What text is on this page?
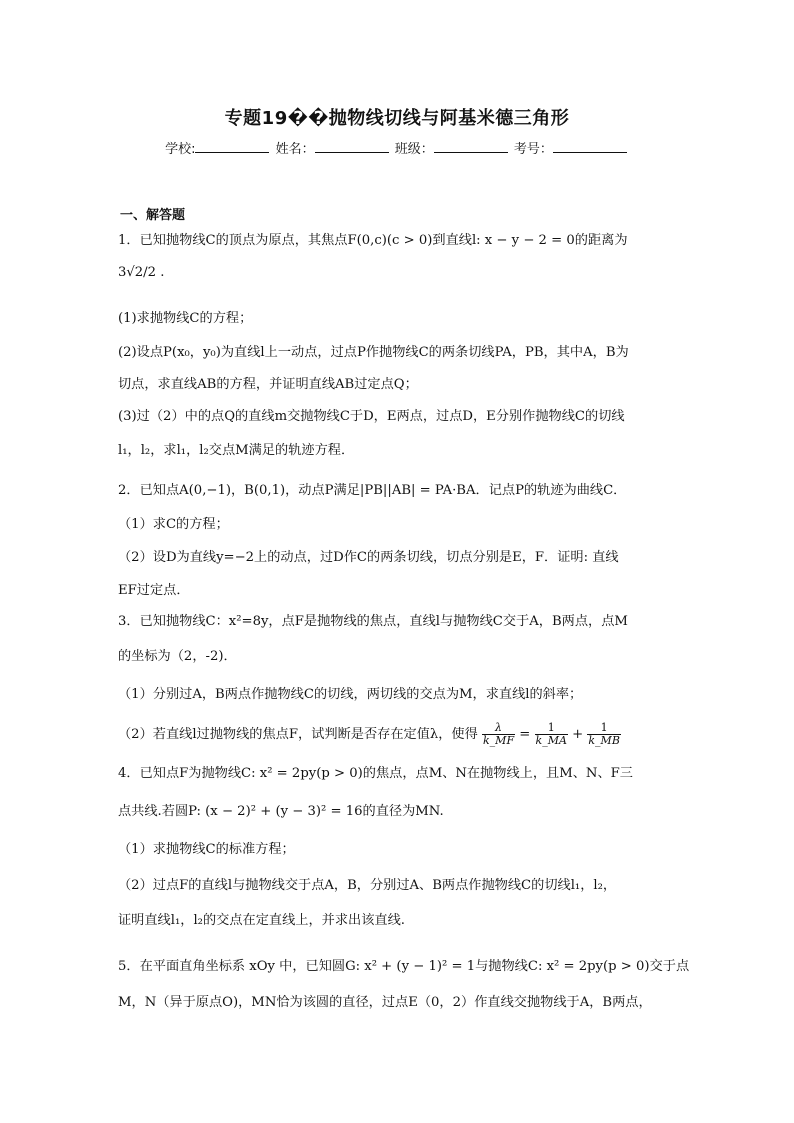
专题19��抛物线切线与阿基米德三角形
学校:	姓名：	班级：	考号：
一、解答题
1．已知抛物线C的顶点为原点，其焦点F(0,c)(c > 0)到直线l: x − y − 2 = 0的距离为
3√2/2 .
(1)求抛物线C的方程；
(2)设点P(x₀，y₀)为直线l上一动点，过点P作抛物线C的两条切线PA，PB，其中A，B为
切点，求直线AB的方程，并证明直线AB过定点Q；
(3)过（2）中的点Q的直线m交抛物线C于D，E两点，过点D，E分别作抛物线C的切线
l₁，l₂，求l₁，l₂交点M满足的轨迹方程．
2．已知点A(0,−1)，B(0,1)，动点P满足|PB||AB| = PA·BA．记点P的轨迹为曲线C．
（1）求C的方程；
（2）设D为直线y=−2上的动点，过D作C的两条切线，切点分别是E，F．证明: 直线
EF过定点．
3．已知抛物线C：x²=8y，点F是抛物线的焦点，直线l与抛物线C交于A，B两点，点M
的坐标为（2，-2)．
（1）分别过A，B两点作抛物线C的切线，两切线的交点为M，求直线l的斜率；
（2）若直线l过抛物线的焦点F，试判断是否存在定值λ，使得 $\frac{\lambda}{k\_MF} = \frac{1}{k\_MA} + \frac{1}{k\_MB}$
4．已知点F为抛物线C: x² = 2py(p > 0)的焦点，点M、N在抛物线上，且M、N、F三
点共线.若圆P: (x − 2)² + (y − 3)² = 16的直径为MN.
（1）求抛物线C的标准方程；
（2）过点F的直线l与抛物线交于点A，B，分别过A、B两点作抛物线C的切线l₁，l₂，
证明直线l₁，l₂的交点在定直线上，并求出该直线.
5．在平面直角坐标系 xOy 中，已知圆G: x² + (y − 1)² = 1与抛物线C: x² = 2py(p > 0)交于点
M，N（异于原点O)，MN恰为该圆的直径，过点E（0，2）作直线交抛物线于A，B两点，
